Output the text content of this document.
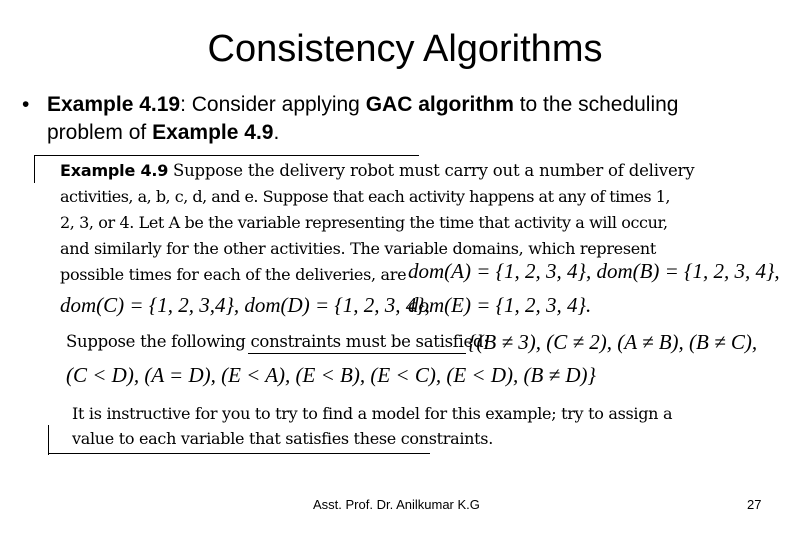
Consistency Algorithms
• Example 4.19: Consider applying GAC algorithm to the scheduling
problem of Example 4.9.
Example 4.9 Suppose the delivery robot must carry out a number of delivery
activities, a, b, c, d, and e. Suppose that each activity happens at any of times 1,
2, 3, or 4. Let A be the variable representing the time that activity a will occur,
and similarly for the other activities. The variable domains, which represent
possible times for each of the deliveries, are dom(A) = {1, 2, 3, 4}, dom(B) = {1, 2, 3, 4},
dom(C) = {1, 2, 3,4}, dom(D) = {1, 2, 3, 4},
dom(E) = {1, 2, 3, 4}.
Suppose the following constraints must be satisfied:
{(B ≠ 3), (C ≠ 2), (A ≠ B), (B ≠ C),
(C < D), (A = D), (E < A), (E < B), (E < C), (E < D), (B ≠ D)}
It is instructive for you to try to find a model for this example; try to assign a
value to each variable that satisfies these constraints.
Asst. Prof. Dr. Anilkumar K.G	27
